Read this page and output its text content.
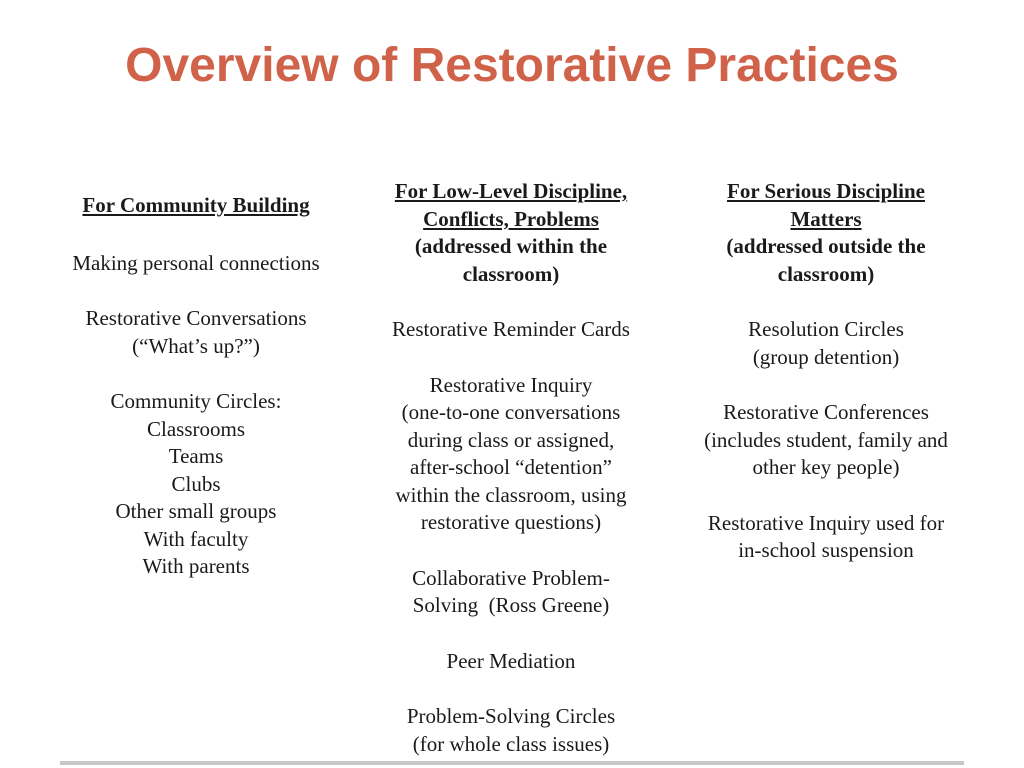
Overview of Restorative Practices
For Community Building
Making personal connections
Restorative Conversations
(“What’s up?”)
Community Circles:
Classrooms
Teams
Clubs
Other small groups
With faculty
With parents
For Low-Level Discipline,
Conflicts, Problems
(addressed within the
classroom)
Restorative Reminder Cards
Restorative Inquiry
(one-to-one conversations
during class or assigned,
after-school “detention”
within the classroom, using
restorative questions)
Collaborative Problem-
Solving  (Ross Greene)
Peer Mediation
Problem-Solving Circles
(for whole class issues)
For Serious Discipline
Matters
(addressed outside the
classroom)
Resolution Circles
(group detention)
Restorative Conferences
(includes student, family and
other key people)
Restorative Inquiry used for
in-school suspension
